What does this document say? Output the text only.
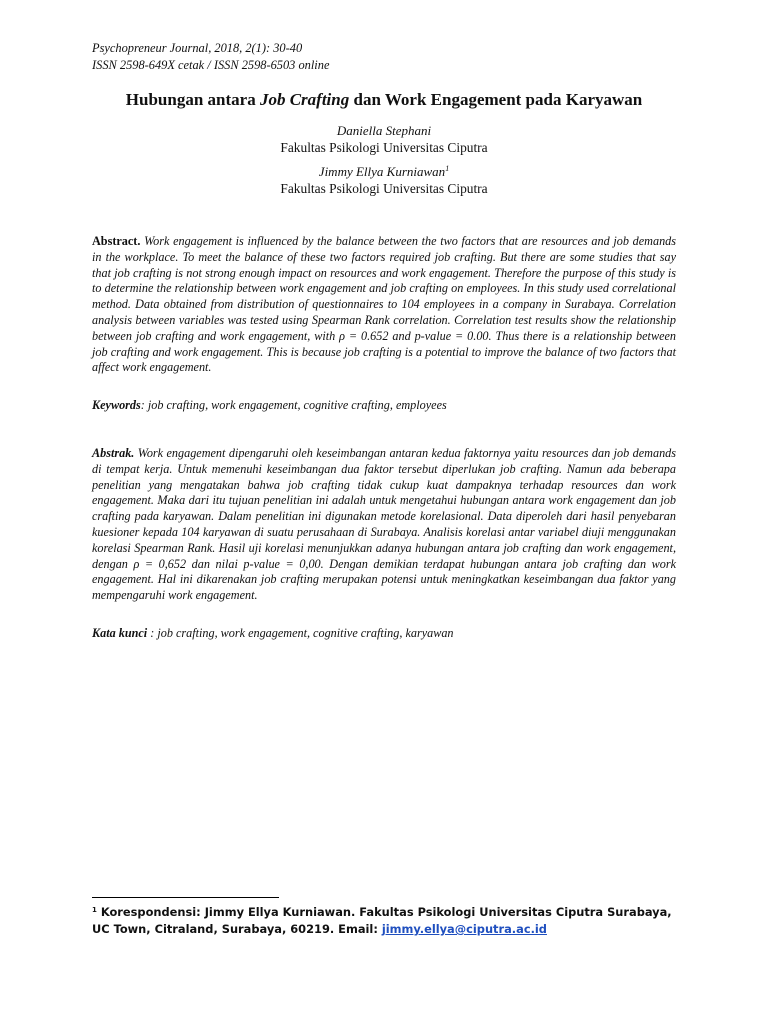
Psychopreneur Journal, 2018, 2(1): 30-40
ISSN 2598-649X cetak / ISSN 2598-6503 online
Hubungan antara Job Crafting dan Work Engagement pada Karyawan
Daniella Stephani
Fakultas Psikologi Universitas Ciputra
Jimmy Ellya Kurniawan$^1$
Fakultas Psikologi Universitas Ciputra
Abstract. Work engagement is influenced by the balance between the two factors that are resources and job demands in the workplace. To meet the balance of these two factors required job crafting. But there are some studies that say that job crafting is not strong enough impact on resources and work engagement. Therefore the purpose of this study is to determine the relationship between work engagement and job crafting on employees. In this study used correlational method. Data obtained from distribution of questionnaires to 104 employees in a company in Surabaya. Correlation analysis between variables was tested using Spearman Rank correlation. Correlation test results show the relationship between job crafting and work engagement, with ρ = 0.652 and p-value = 0.00. Thus there is a relationship between job crafting and work engagement. This is because job crafting is a potential to improve the balance of two factors that affect work engagement.
Keywords: job crafting, work engagement, cognitive crafting, employees
Abstrak. Work engagement dipengaruhi oleh keseimbangan antaran kedua faktornya yaitu resources dan job demands di tempat kerja. Untuk memenuhi keseimbangan dua faktor tersebut diperlukan job crafting. Namun ada beberapa penelitian yang mengatakan bahwa job crafting tidak cukup kuat dampaknya terhadap resources dan work engagement. Maka dari itu tujuan penelitian ini adalah untuk mengetahui hubungan antara work engagement dan job crafting pada karyawan. Dalam penelitian ini digunakan metode korelasional. Data diperoleh dari hasil penyebaran kuesioner kepada 104 karyawan di suatu perusahaan di Surabaya. Analisis korelasi antar variabel diuji menggunakan korelasi Spearman Rank. Hasil uji korelasi menunjukkan adanya hubungan antara job crafting dan work engagement, dengan ρ = 0,652 dan nilai p-value = 0,00. Dengan demikian terdapat hubungan antara job crafting dan work engagement. Hal ini dikarenakan job crafting merupakan potensi untuk meningkatkan keseimbangan dua faktor yang mempengaruhi work engagement.
Kata kunci : job crafting, work engagement, cognitive crafting, karyawan
$^1$ Korespondensi: Jimmy Ellya Kurniawan. Fakultas Psikologi Universitas Ciputra Surabaya, UC Town, Citraland, Surabaya, 60219. Email: jimmy.ellya@ciputra.ac.id
